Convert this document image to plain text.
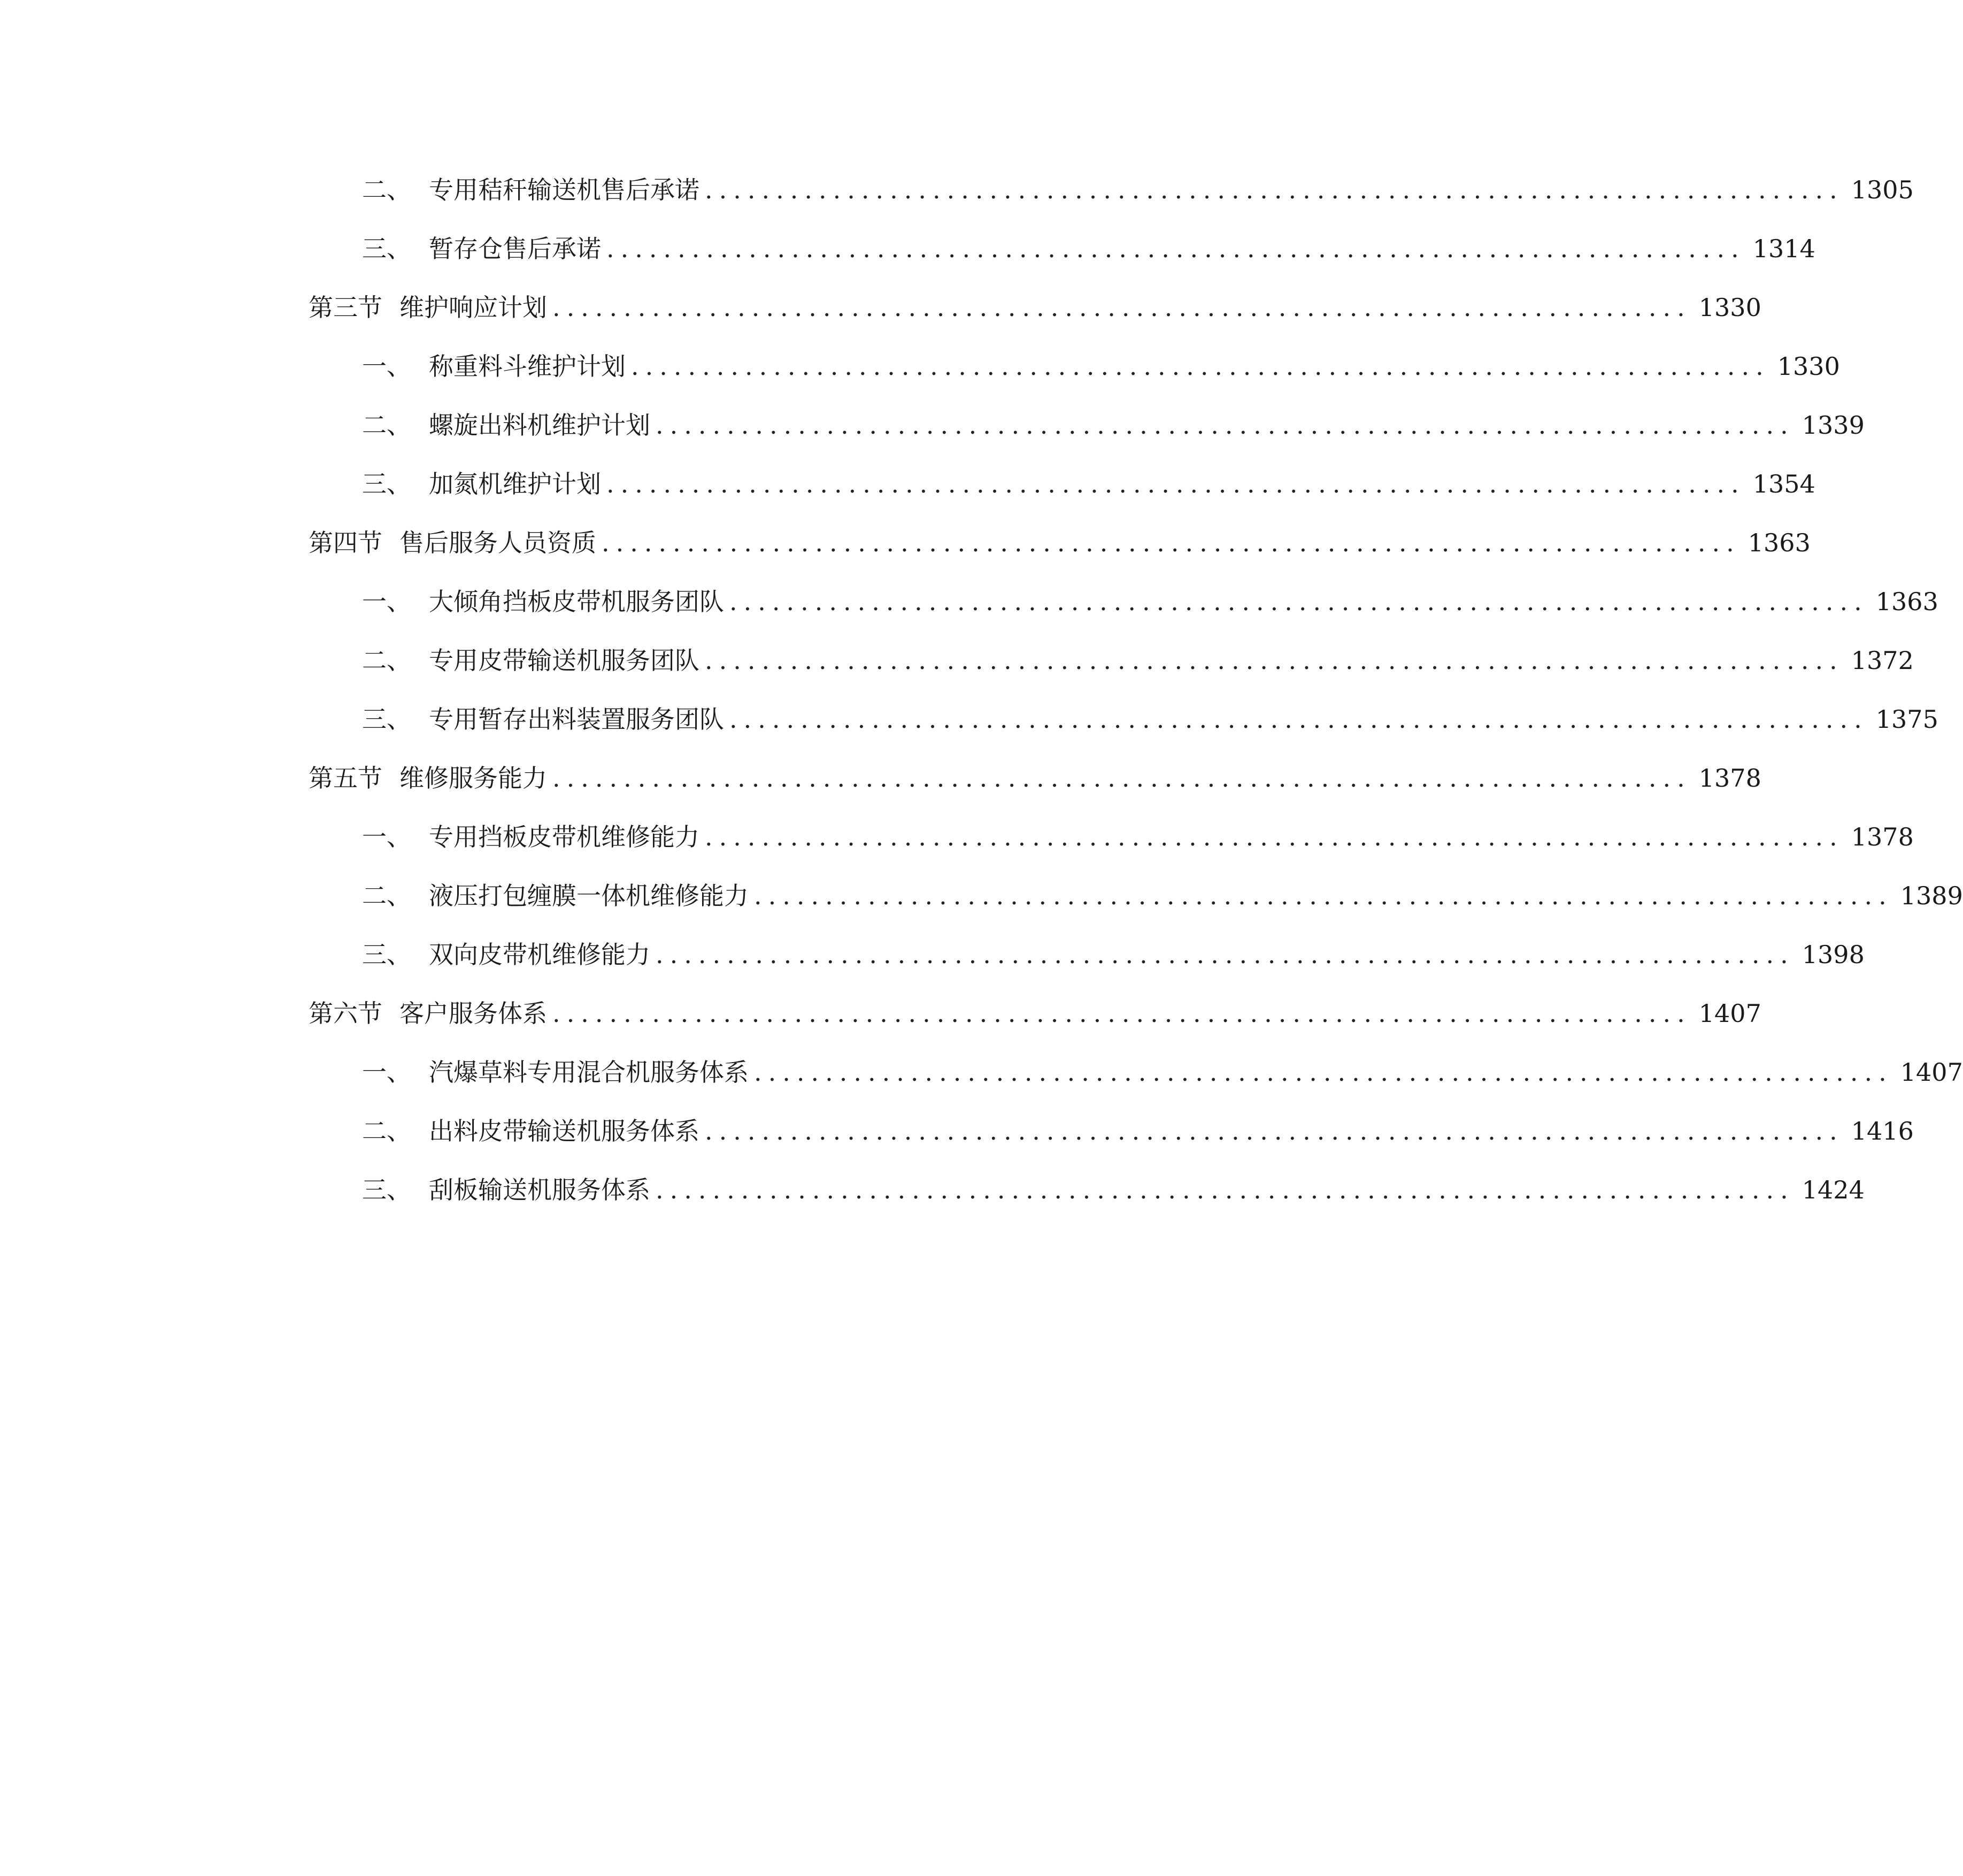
二、 专用秸秆输送机售后承诺 ................................................................................ 1305
三、 暂存仓售后承诺 ................................................................................ 1314
第三节 维护响应计划 ................................................................................ 1330
一、 称重料斗维护计划 ................................................................................ 1330
二、 螺旋出料机维护计划 ................................................................................ 1339
三、 加氮机维护计划 ................................................................................ 1354
第四节 售后服务人员资质 ................................................................................ 1363
一、 大倾角挡板皮带机服务团队 ................................................................................ 1363
二、 专用皮带输送机服务团队 ................................................................................ 1372
三、 专用暂存出料装置服务团队 ................................................................................ 1375
第五节 维修服务能力 ................................................................................ 1378
一、 专用挡板皮带机维修能力 ................................................................................ 1378
二、 液压打包缠膜一体机维修能力 ................................................................................ 1389
三、 双向皮带机维修能力 ................................................................................ 1398
第六节 客户服务体系 ................................................................................ 1407
一、 汽爆草料专用混合机服务体系 ................................................................................ 1407
二、 出料皮带输送机服务体系 ................................................................................ 1416
三、 刮板输送机服务体系 ................................................................................ 1424
